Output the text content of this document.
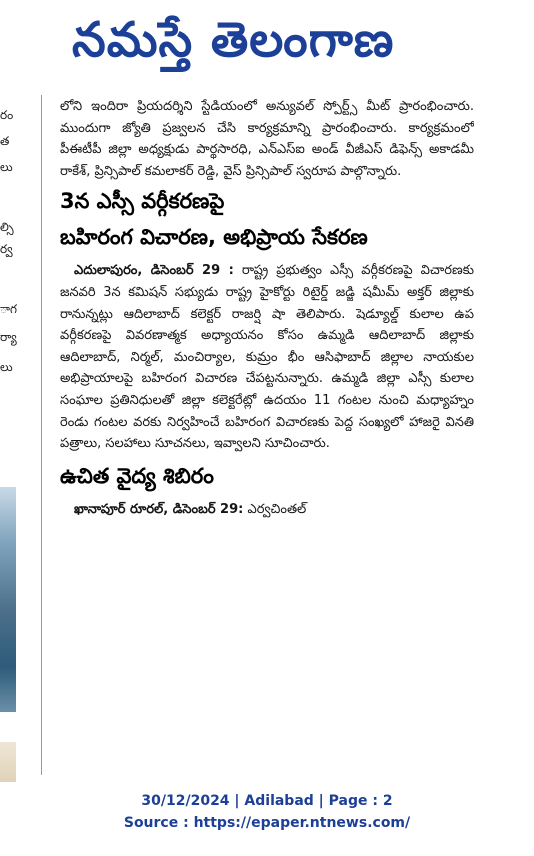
నమస్తే తెలంగాణ
రం
త
లు
ల్సి
ర్వ
ాగ
ర్యా
లు

లోని ఇందిరా ప్రియదర్శిని స్టేడియంలో అన్యువల్ స్పోర్ట్స్ మీట్ ప్రారంభించారు. ముందుగా జ్యోతి ప్రజ్వలన చేసి కార్యక్రమాన్ని ప్రారంభించారు. కార్యక్రమంలో పీఈటీపీ జిల్లా అధ్యక్షుడు పార్థసారధి, ఎన్ఎస్ఐ అండ్ వీజీఎస్ డిఫెన్స్ అకాడమీ రాకేశ్, ప్రిన్సిపాల్ కమలాకర్ రెడ్డి, వైస్ ప్రిన్సిపాల్ స్వరూప పాల్గొన్నారు.

3న ఎస్సీ వర్గీకరణపై
బహిరంగ విచారణ, అభిప్రాయ సేకరణ

ఎదులాపురం, డిసెంబర్ 29 : రాష్ట్ర ప్రభుత్వం ఎస్సీ వర్గీకరణపై విచారణకు జనవరి 3న కమిషన్ సభ్యుడు రాష్ట్ర హైకోర్టు రిటైర్డ్ జడ్జి షమీమ్ అక్తర్ జిల్లాకు రానున్నట్లు ఆదిలాబాద్ కలెక్టర్ రాజర్షి షా తెలిపారు. షెడ్యూల్డ్ కులాల ఉప వర్గీకరణపై వివరణాత్మక అధ్యాయనం కోసం ఉమ్మడి ఆదిలాబాద్ జిల్లాకు ఆదిలాబాద్, నిర్మల్, మంచిర్యాల, కుమ్రం భీం ఆసిఫాబాద్ జిల్లాల నాయకుల అభిప్రాయాలపై బహిరంగ విచారణ చేపట్టనున్నారు. ఉమ్మడి జిల్లా ఎస్సీ కులాల సంఘాల ప్రతినిధులతో జిల్లా కలెక్టరేట్లో ఉదయం 11 గంటల నుంచి మధ్యాహ్నం రెండు గంటల వరకు నిర్వహించే బహిరంగ విచారణకు పెద్ద సంఖ్యలో హాజరై వినతి పత్రాలు, సలహాలు సూచనలు, ఇవ్వాలని సూచించారు.

ఉచిత వైద్య శిబిరం

ఖానాపూర్ రూరల్, డిసెంబర్ 29: ఎర్వచింతల్

30/12/2024 | Adilabad | Page : 2
Source : https://epaper.ntnews.com/
